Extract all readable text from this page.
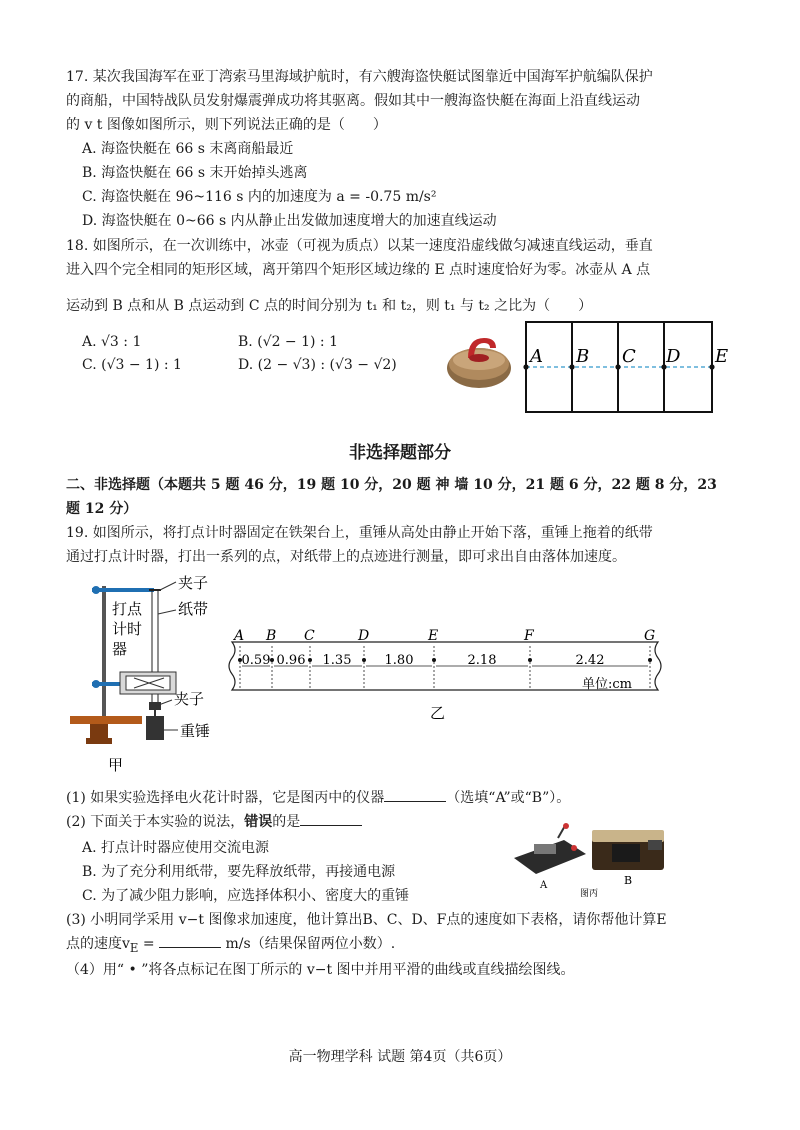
17. 某次我国海军在亚丁湾索马里海域护航时，有六艘海盗快艇试图靠近中国海军护航编队保护
的商船，中国特战队员发射爆震弹成功将其驱离。假如其中一艘海盗快艇在海面上沿直线运动
的 v t 图像如图所示，则下列说法正确的是（　　）
A. 海盗快艇在 66 s 末离商船最近
B. 海盗快艇在 66 s 末开始掉头逃离
C. 海盗快艇在 96~116 s 内的加速度为 a = -0.75 m/s²
D. 海盗快艇在 0~66 s 内从静止出发做加速度增大的加速直线运动
18. 如图所示，在一次训练中，冰壶（可视为质点）以某一速度沿虚线做匀减速直线运动，垂直
进入四个完全相同的矩形区域，离开第四个矩形区域边缘的 E 点时速度恰好为零。冰壶从 A 点
运动到 B 点和从 B 点运动到 C 点的时间分别为 t₁ 和 t₂，则 t₁ 与 t₂ 之比为（　　）
A. √3 : 1	B. (√2 − 1) : 1
C. (√3 − 1) : 1	D. (2 − √3) : (√3 − √2)	A B C D E
非选择题部分
二、非选择题（本题共 5 题 46 分，19 题 10 分，20 题 神 墙 10 分，21 题 6 分，22 题 8 分，23
题 12 分）
19. 如图所示，将打点计时器固定在铁架台上，重锤从高处由静止开始下落，重锤上拖着的纸带
通过打点计时器，打出一系列的点，对纸带上的点迹进行测量，即可求出自由落体加速度。
夹子
纸带
打点
计时
器
夹子
重锤
甲
A B C	D	E	F	G
0.59 0.96 1.35	1.80	2.18	2.42
单位:cm
乙
(1) 如果实验选择电火花计时器，它是图丙中的仪器	（选填“A”或“B”）。
(2) 下面关于本实验的说法，错误的是
A. 打点计时器应使用交流电源
B. 为了充分利用纸带，要先释放纸带，再接通电源
C. 为了减少阻力影响，应选择体积小、密度大的重锤
A	B
图丙
(3) 小明同学采用 v−t 图像求加速度，他计算出B、C、D、F点的速度如下表格，请你帮他计算E
点的速度$v_E$ =	m/s（结果保留两位小数）.
（4）用“ • ”将各点标记在图丁所示的 v−t 图中并用平滑的曲线或直线描绘图线。
高一物理学科 试题 第4页（共6页）
